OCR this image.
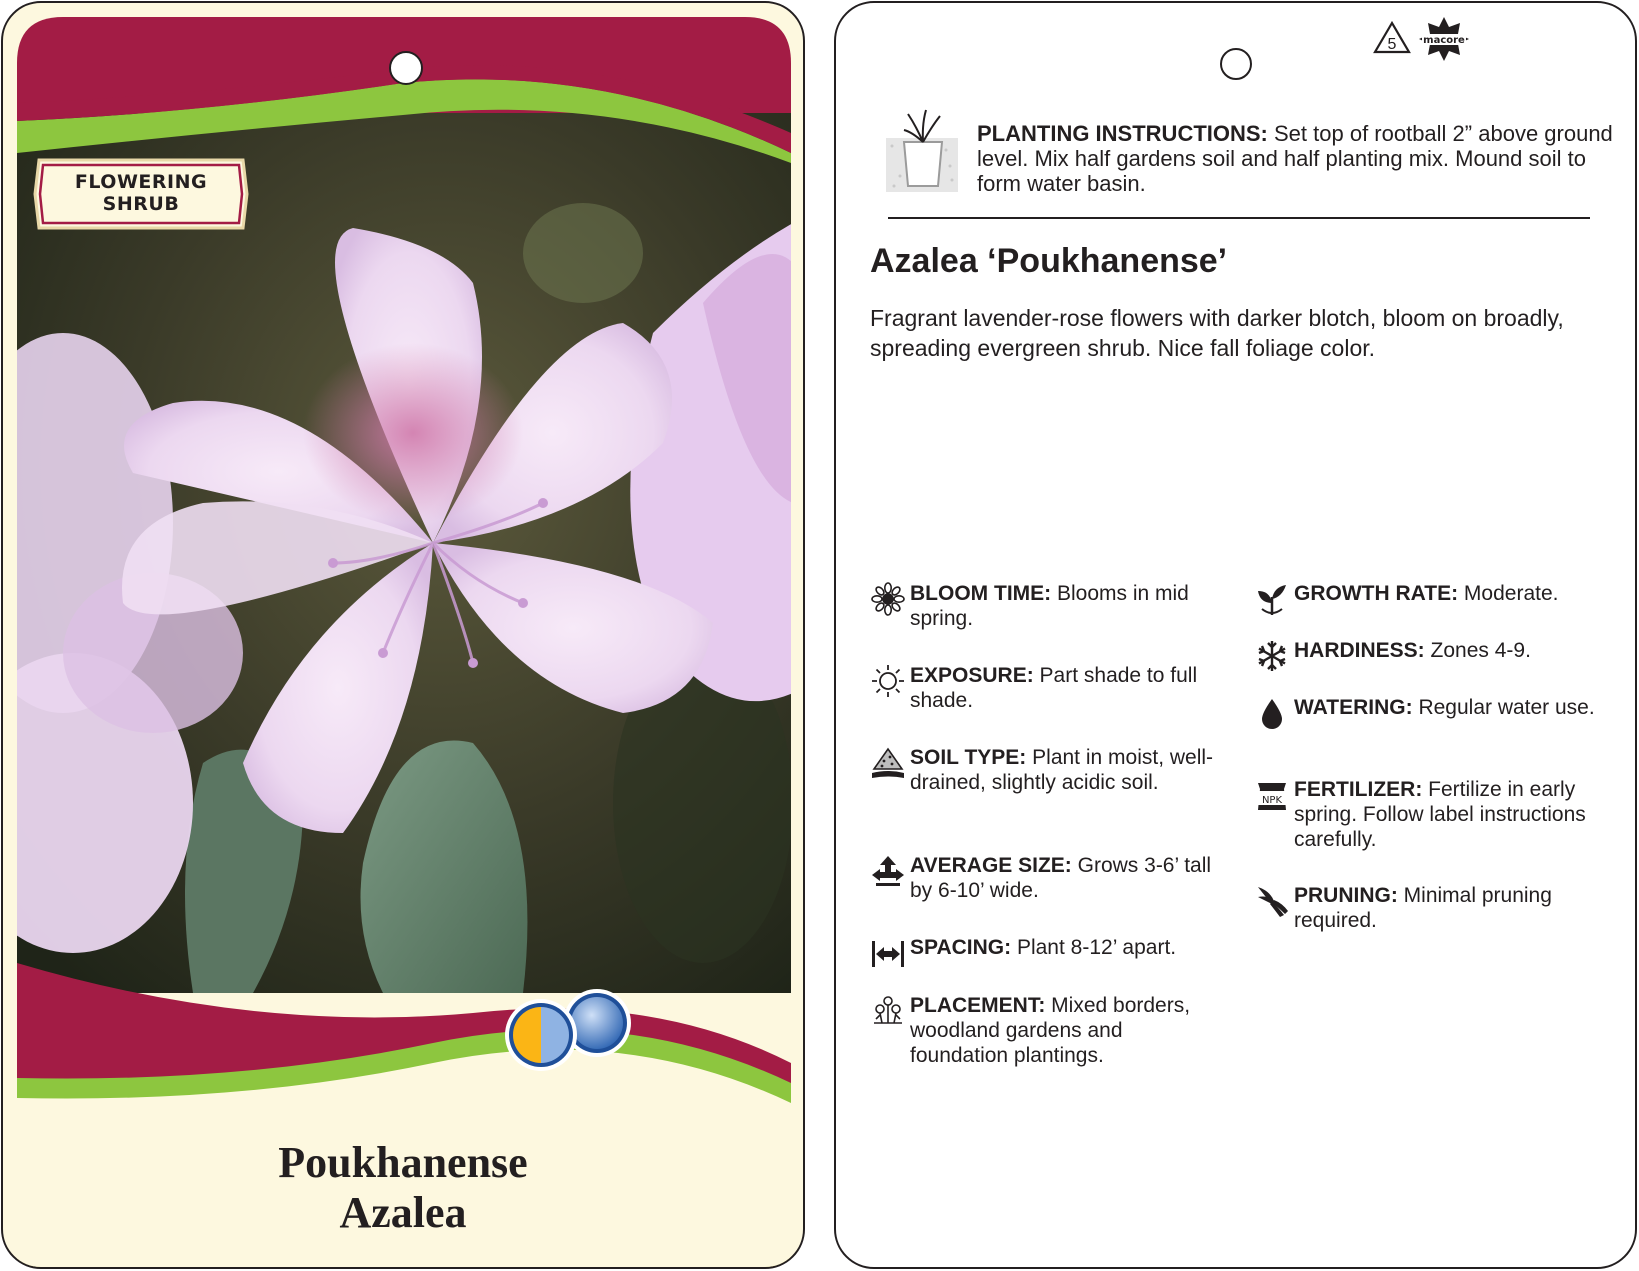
FLOWERING
SHRUB
Poukhanense
Azalea
5	macore
PLANTING INSTRUCTIONS: Set top of rootball 2” above ground level. Mix half gardens soil and half planting mix. Mound soil to form water basin.
Azalea ‘Poukhanense’
Fragrant lavender-rose flowers with darker blotch, bloom on broadly, spreading evergreen shrub. Nice fall foliage color.
BLOOM TIME: Blooms in mid spring.
EXPOSURE: Part shade to full shade.
SOIL TYPE: Plant in moist, well-drained, slightly acidic soil.
AVERAGE SIZE: Grows 3-6’ tall by 6-10’ wide.
SPACING: Plant 8-12’ apart.
PLACEMENT: Mixed borders, woodland gardens and foundation plantings.
GROWTH RATE: Moderate.
HARDINESS: Zones 4-9.
WATERING: Regular water use.
NPK FERTILIZER: Fertilize in early spring. Follow label instructions carefully.
PRUNING: Minimal pruning required.
